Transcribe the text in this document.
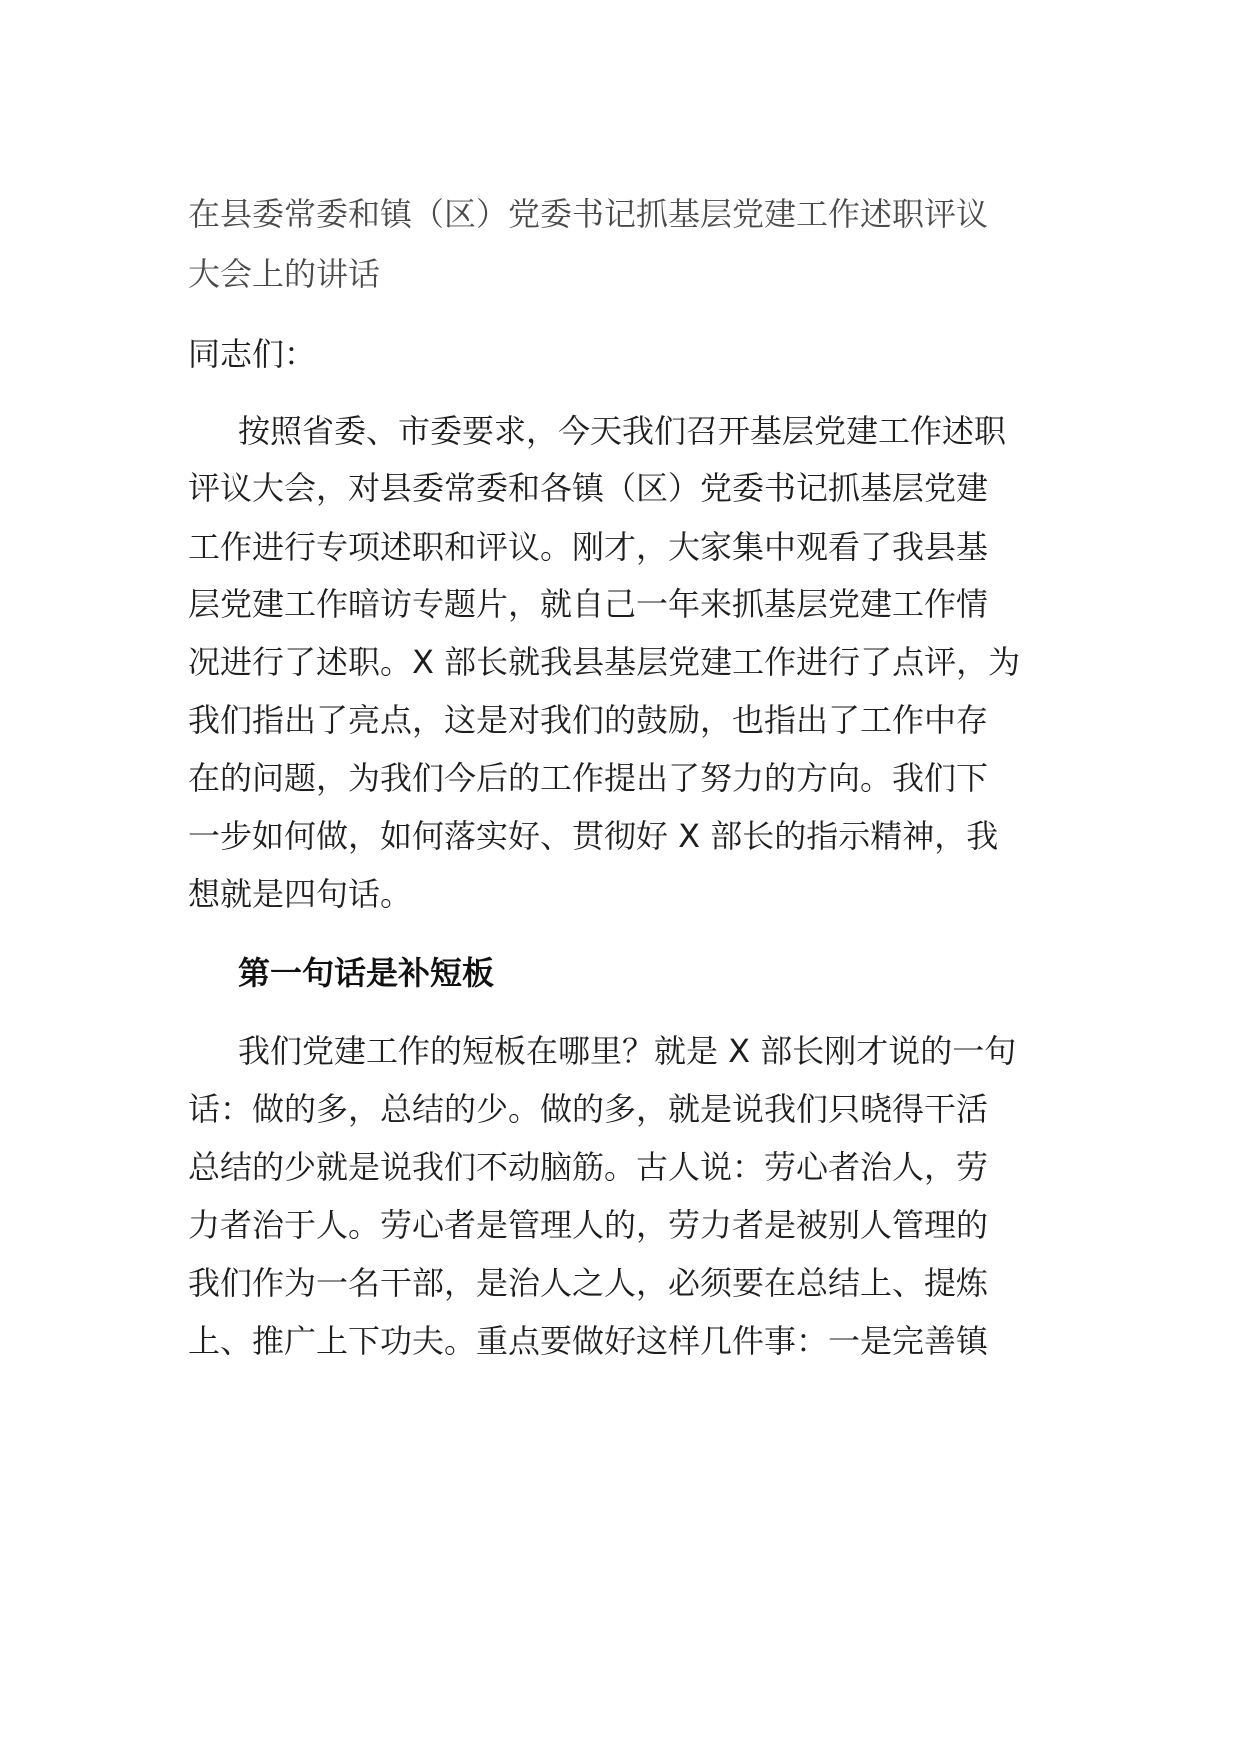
在县委常委和镇（区）党委书记抓基层党建工作述职评议
大会上的讲话
同志们：
按照省委、市委要求，今天我们召开基层党建工作述职
评议大会，对县委常委和各镇（区）党委书记抓基层党建
工作进行专项述职和评议。刚才，大家集中观看了我县基
层党建工作暗访专题片，就自己一年来抓基层党建工作情
况进行了述职。X 部长就我县基层党建工作进行了点评，为
我们指出了亮点，这是对我们的鼓励，也指出了工作中存
在的问题，为我们今后的工作提出了努力的方向。我们下
一步如何做，如何落实好、贯彻好 X 部长的指示精神，我
想就是四句话。
第一句话是补短板
我们党建工作的短板在哪里？就是 X 部长刚才说的一句
话：做的多，总结的少。做的多，就是说我们只晓得干活
总结的少就是说我们不动脑筋。古人说：劳心者治人，劳
力者治于人。劳心者是管理人的，劳力者是被别人管理的
我们作为一名干部，是治人之人，必须要在总结上、提炼
上、推广上下功夫。重点要做好这样几件事：一是完善镇
